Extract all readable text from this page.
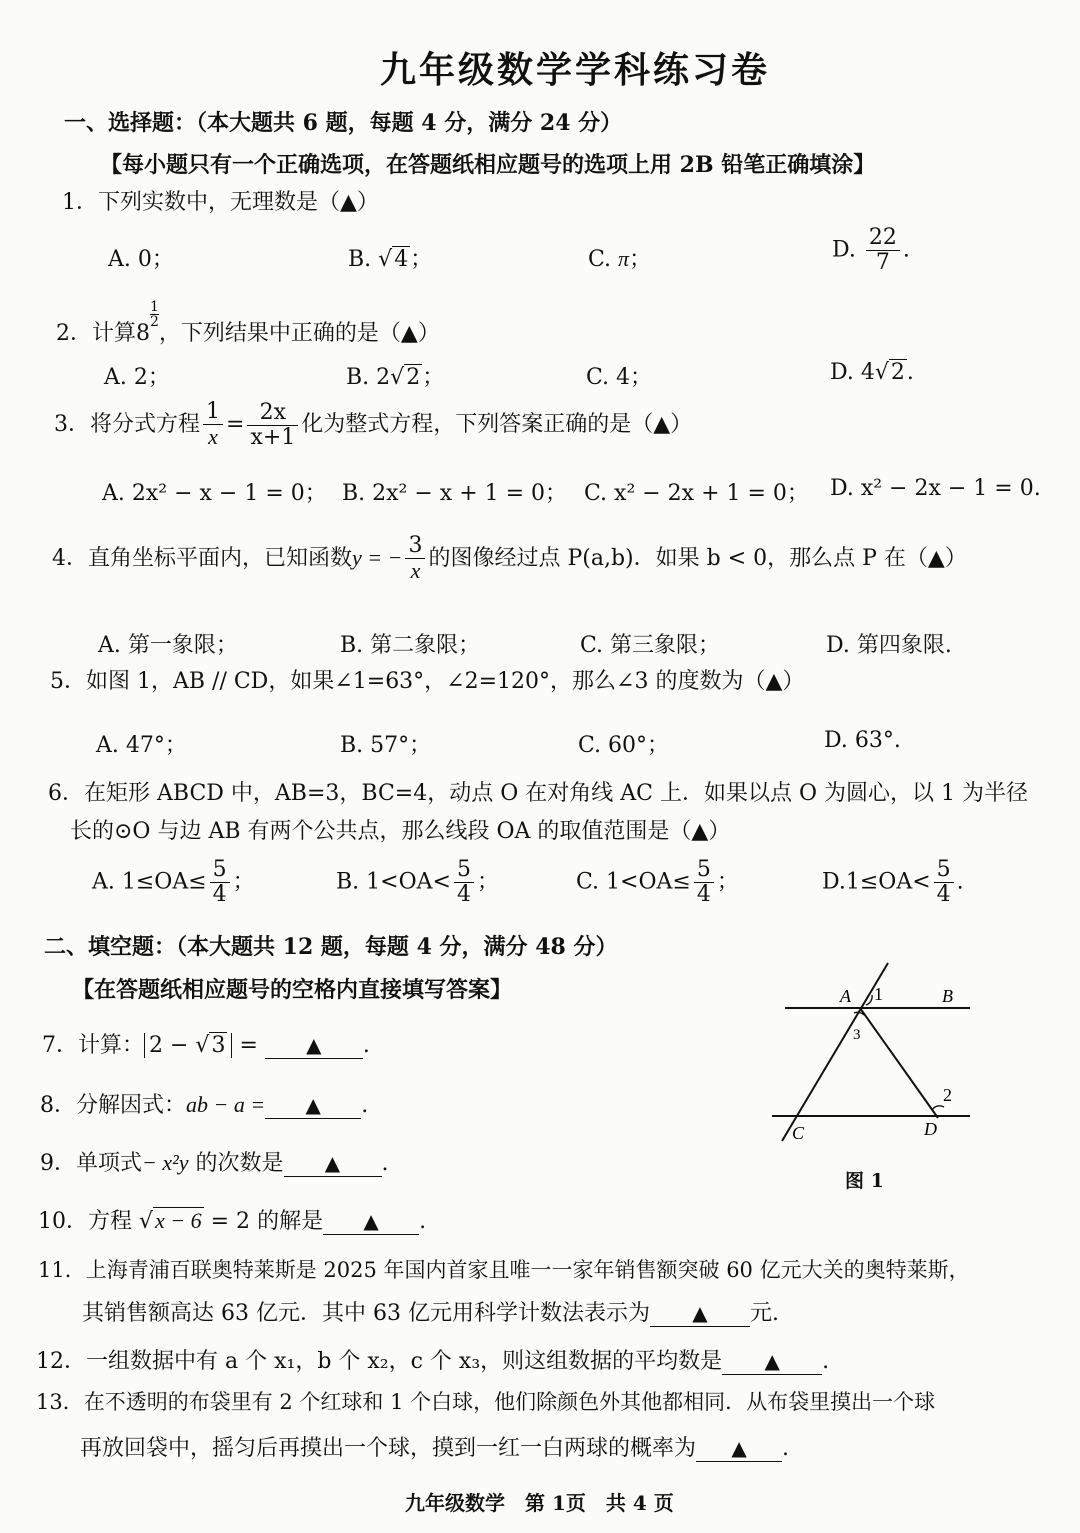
九年级数学学科练习卷
一、选择题：（本大题共 6 题，每题 4 分，满分 24 分）
【每小题只有一个正确选项，在答题纸相应题号的选项上用 2B 铅笔正确填涂】
1．下列实数中，无理数是（▲）
A. 0；	B. √4；	C. π；	D. $\frac{22}{7}$ .
2．计算8
$\frac{1}{2}$
，下列结果中正确的是（▲）
A. 2；	B. 2√2；	C. 4；	D. 4√2.
3．将分式方程 $\frac{1}{x} = \frac{2x}{x+1}$ 化为整式方程，下列答案正确的是（▲）
A. 2x² − x − 1 = 0； B. 2x² − x + 1 = 0； C. x² − 2x + 1 = 0； D. x² − 2x − 1 = 0.
4．直角坐标平面内，已知函数y = − $\frac{3}{x}$ 的图像经过点 P(a,b)．如果 b < 0，那么点 P 在（▲）
A. 第一象限；	B. 第二象限；	C. 第三象限；	D. 第四象限.
5．如图 1，AB // CD，如果∠1=63°，∠2=120°，那么∠3 的度数为（▲）
A. 47°；	B. 57°；	C. 60°；	D. 63°.
6．在矩形 ABCD 中，AB=3，BC=4，动点 O 在对角线 AC 上．如果以点 O 为圆心，以 1 为半径
长的⊙O 与边 AB 有两个公共点，那么线段 OA 的取值范围是（▲）
A. $1\le OA\le \frac{5}{4}$ ；	B. $1<OA< \frac{5}{4}$ ；	C. $1<OA\le \frac{5}{4}$ ；	$D.1\le OA< \frac{5}{4}$ .
二、填空题：（本大题共 12 题，每题 4 分，满分 48 分）
【在答题纸相应题号的空格内直接填写答案】
7．计算： 2 − √3 = ▲ .
8．分解因式：ab − a = ▲ .
9．单项式− x²y 的次数是 ▲ .
10．方程 √x − 6 = 2 的解是 ▲ .
11．上海青浦百联奥特莱斯是 2025 年国内首家且唯一一家年销售额突破 60 亿元大关的奥特莱斯，
其销售额高达 63 亿元．其中 63 亿元用科学计数法表示为 ▲ 元.
12．一组数据中有 a 个 x₁，b 个 x₂，c 个 x₃，则这组数据的平均数是 ▲ .
13．在不透明的布袋里有 2 个红球和 1 个白球，他们除颜色外其他都相同．从布袋里摸出一个球
再放回袋中，摇匀后再摸出一个球，摸到一红一白两球的概率为 ▲ .
A 1	B
3
2
C	D
图 1
九年级数学　第 1页　共 4 页
